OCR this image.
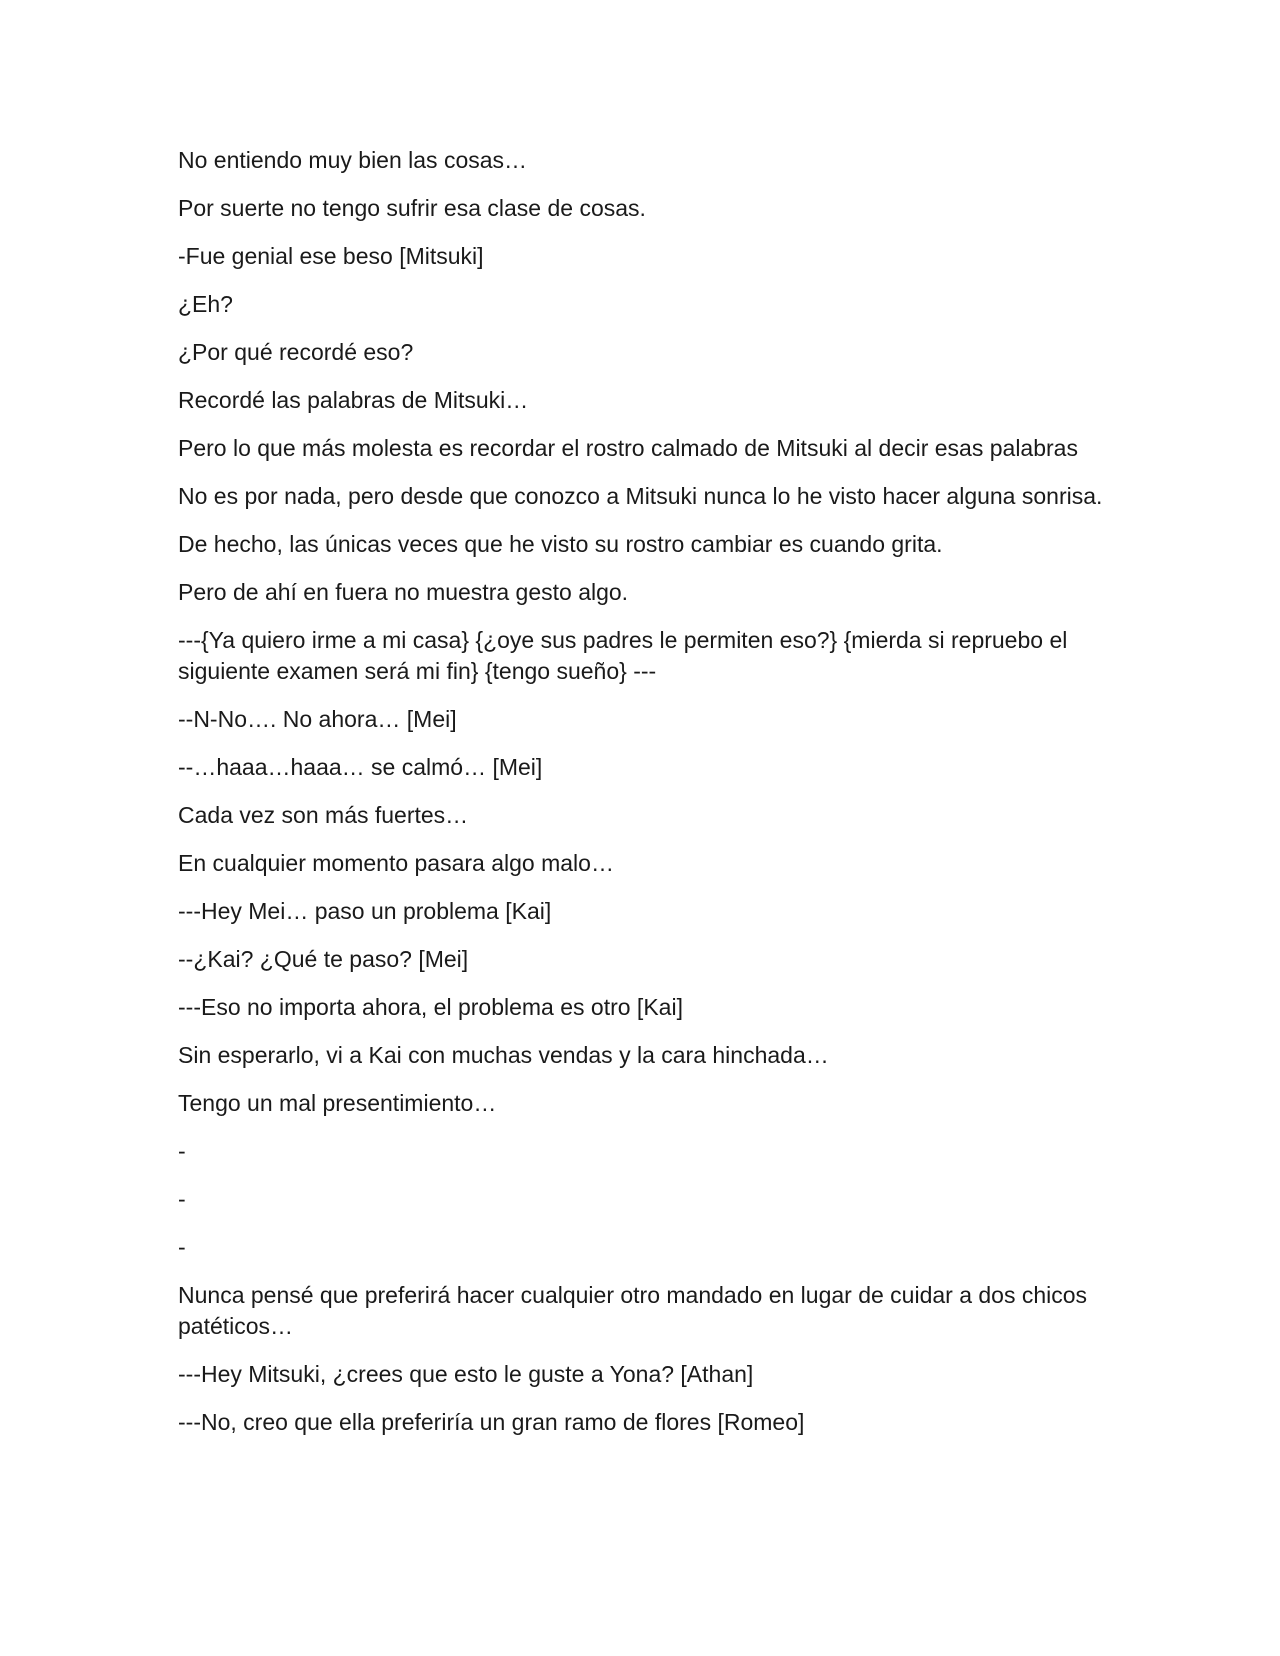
No entiendo muy bien las cosas…

Por suerte no tengo sufrir esa clase de cosas.

-Fue genial ese beso [Mitsuki]

¿Eh?

¿Por qué recordé eso?

Recordé las palabras de Mitsuki…

Pero lo que más molesta es recordar el rostro calmado de Mitsuki al decir esas palabras

No es por nada, pero desde que conozco a Mitsuki nunca lo he visto hacer alguna sonrisa.

De hecho, las únicas veces que he visto su rostro cambiar es cuando grita.

Pero de ahí en fuera no muestra gesto algo.

---{Ya quiero irme a mi casa} {¿oye sus padres le permiten eso?} {mierda si repruebo el siguiente examen será mi fin} {tengo sueño} ---

--N-No…. No ahora… [Mei]

--…haaa…haaa… se calmó… [Mei]

Cada vez son más fuertes…

En cualquier momento pasara algo malo…

---Hey Mei… paso un problema [Kai]

--¿Kai? ¿Qué te paso? [Mei]

---Eso no importa ahora, el problema es otro [Kai]

Sin esperarlo, vi a Kai con muchas vendas y la cara hinchada…

Tengo un mal presentimiento…

-

-

-

Nunca pensé que preferirá hacer cualquier otro mandado en lugar de cuidar a dos chicos patéticos…

---Hey Mitsuki, ¿crees que esto le guste a Yona? [Athan]

---No, creo que ella preferiría un gran ramo de flores [Romeo]
